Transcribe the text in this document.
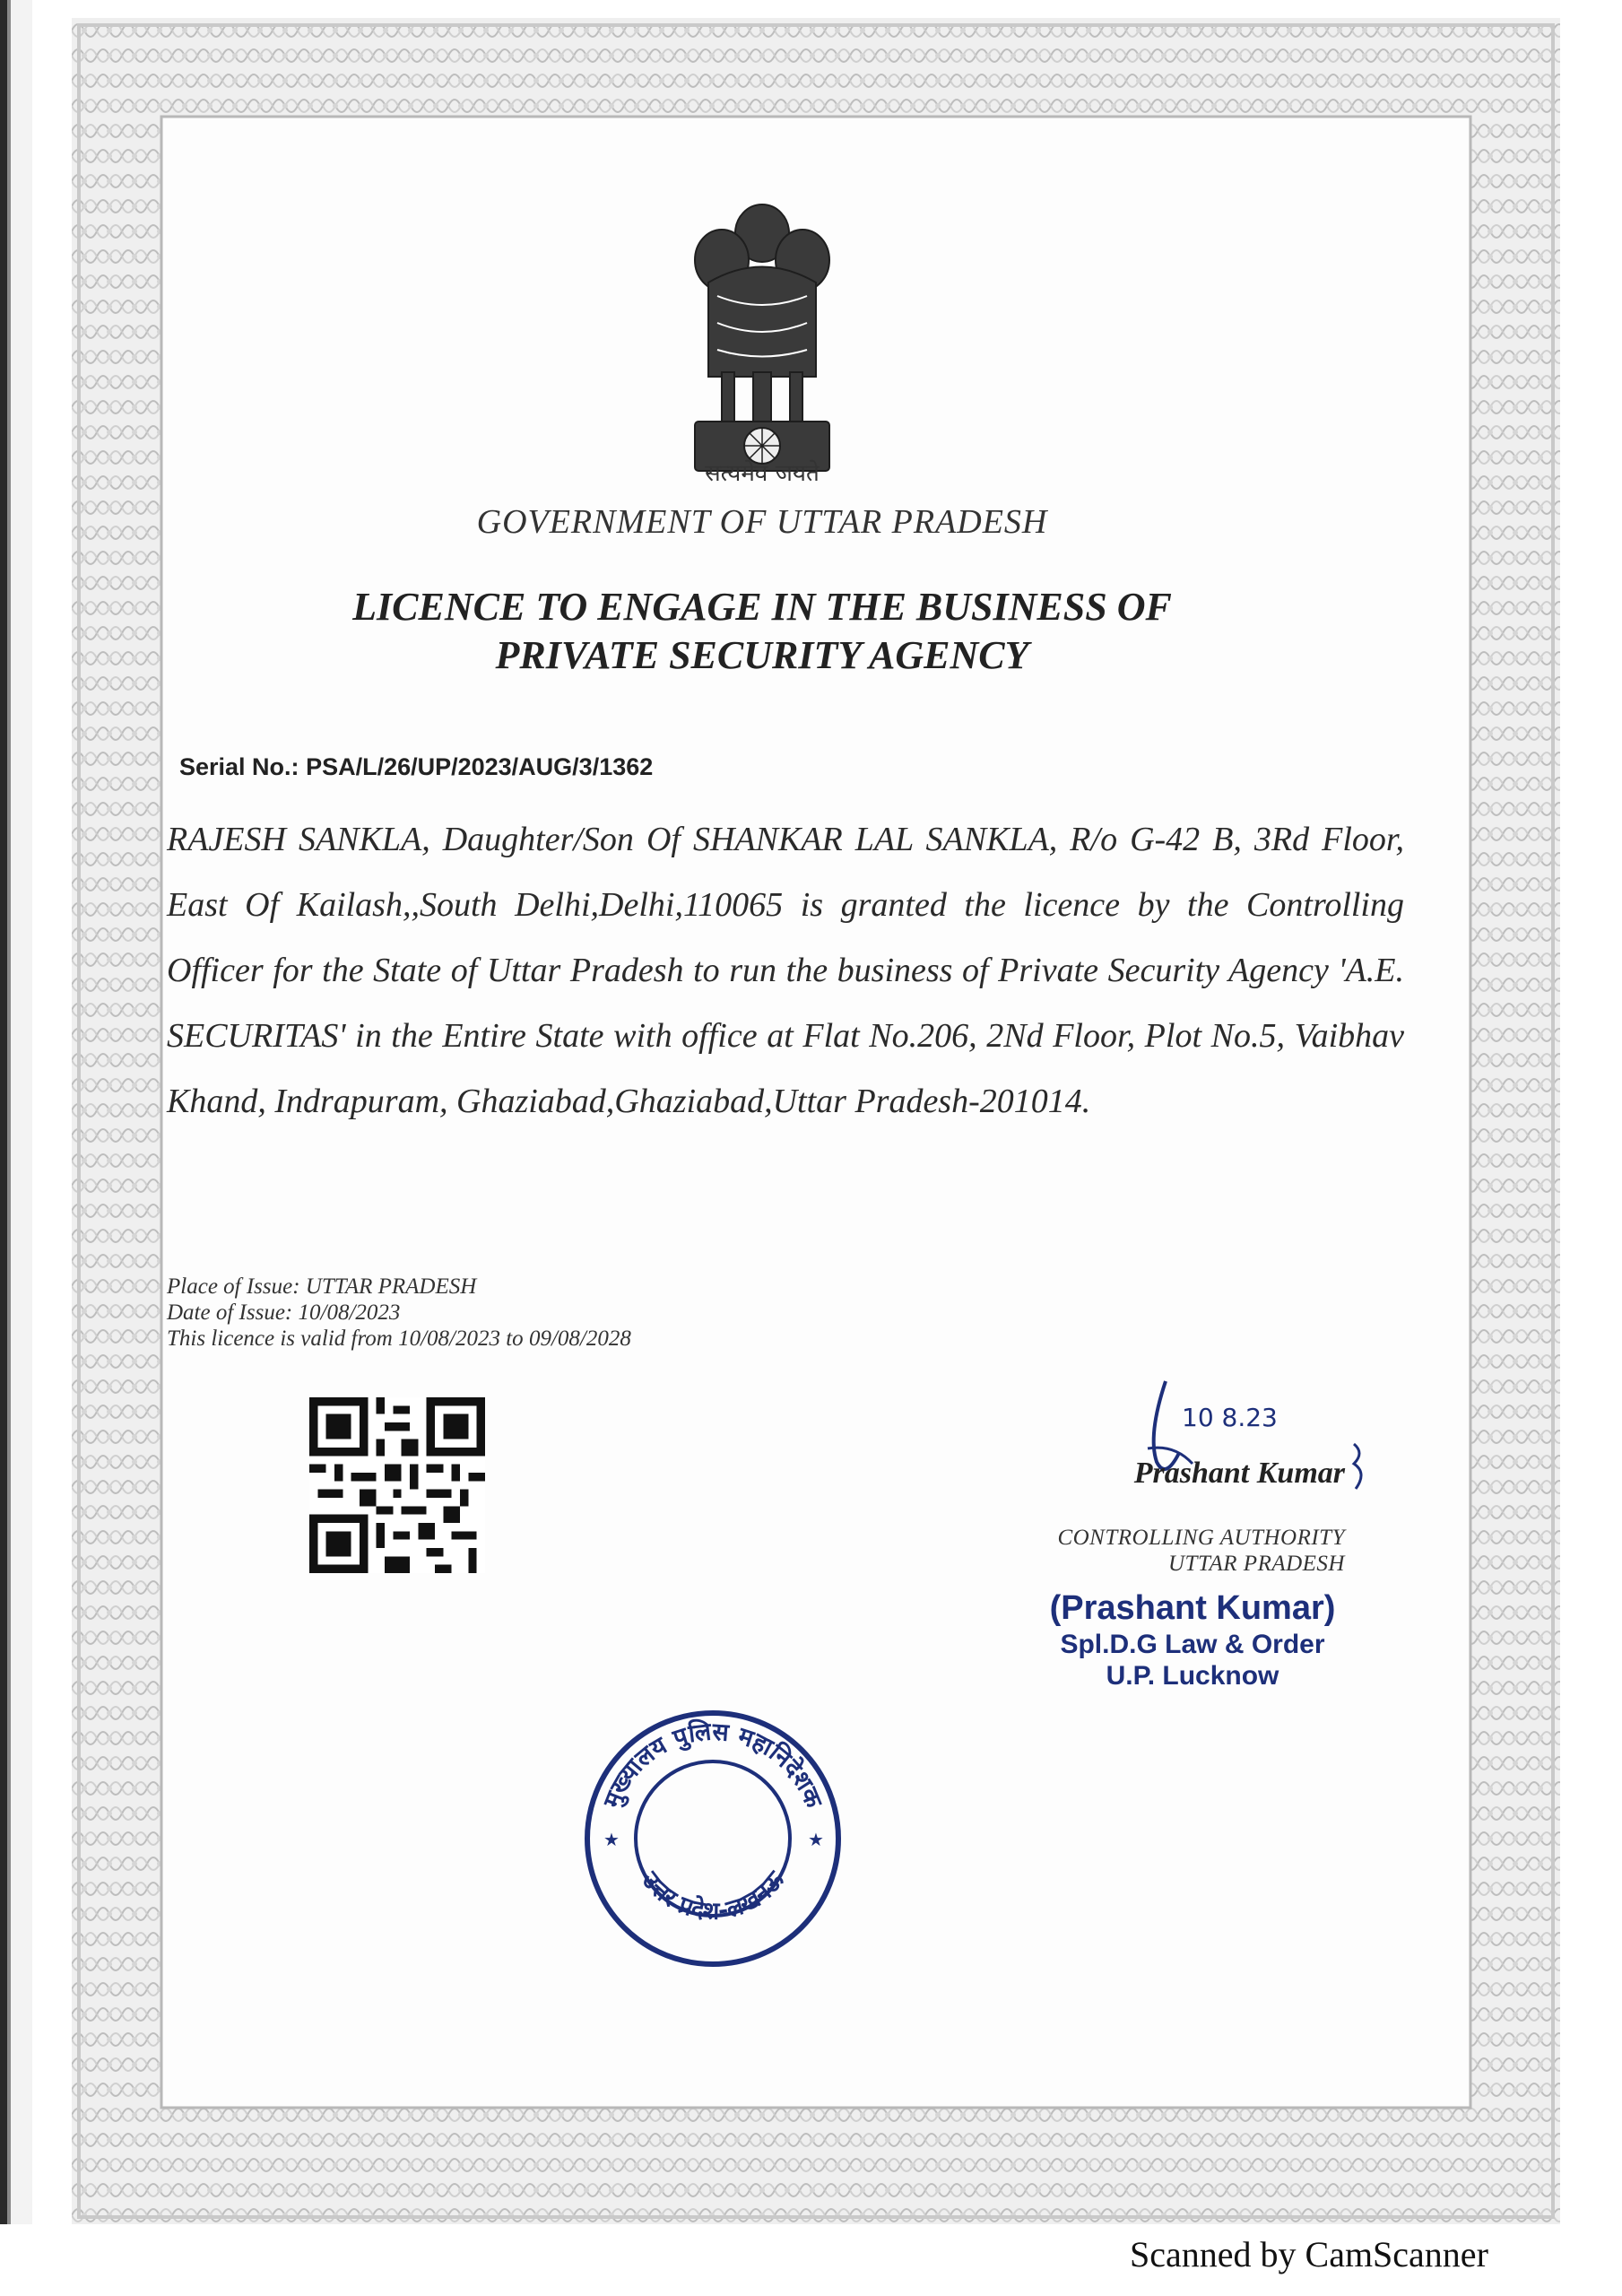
सत्यमेव जयते
GOVERNMENT OF UTTAR PRADESH
LICENCE TO ENGAGE IN THE BUSINESS OF
PRIVATE SECURITY AGENCY
Serial No.: PSA/L/26/UP/2023/AUG/3/1362
RAJESH SANKLA, Daughter/Son Of SHANKAR LAL SANKLA, R/o G-42 B, 3Rd Floor, East Of Kailash,,South Delhi,Delhi,110065 is granted the licence by the Controlling Officer for the State of Uttar Pradesh to run the business of Private Security Agency 'A.E. SECURITAS' in the Entire State with office at Flat No.206, 2Nd Floor, Plot No.5, Vaibhav Khand, Indrapuram, Ghaziabad,Ghaziabad,Uttar Pradesh-201014.
Place of Issue: UTTAR PRADESH
Date of Issue: 10/08/2023
This licence is valid from 10/08/2023 to 09/08/2028
10 8.23
Prashant Kumar
CONTROLLING AUTHORITY
UTTAR PRADESH
(Prashant Kumar)
Spl.D.G Law & Order
U.P. Lucknow
मुख्यालय पुलिस महानिदेशक
उत्तर प्रदेश-लखनऊ
★	★
Scanned by CamScanner
